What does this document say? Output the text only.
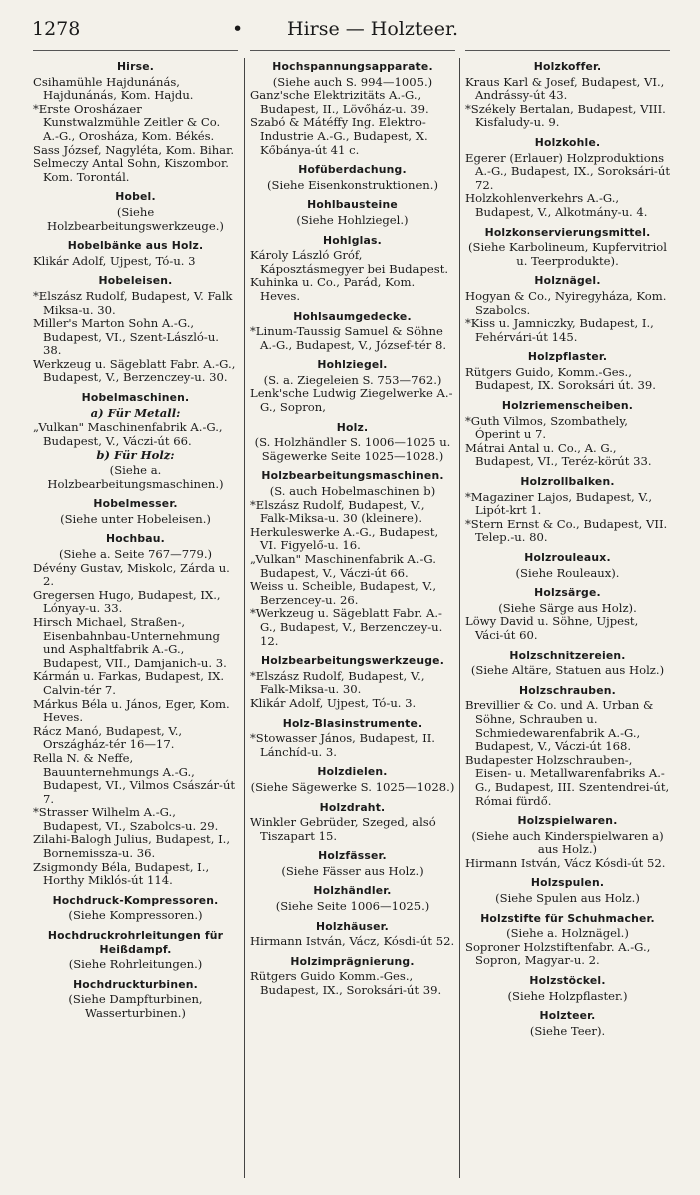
1278	• Hirse — Holzteer.
Hirse.
Csihamühle Hajdunánás, Hajdunánás, Kom. Hajdu.
*Erste Orosházaer Kunstwalzmühle Zeitler & Co. A.-G., Orosháza, Kom. Békés.
Sass József, Nagyléta, Kom. Bihar.
Selmeczy Antal Sohn, Kiszombor. Kom. Torontál.
Hobel.
(Siehe Holzbearbeitungswerkzeuge.)
Hobelbänke aus Holz.
Klikár Adolf, Ujpest, Tó-u. 3
Hobeleisen.
*Elszász Rudolf, Budapest, V. Falk Miksa-u. 30.
Miller's Marton Sohn A.-G., Budapest, VI., Szent-László-u. 38.
Werkzeug u. Sägeblatt Fabr. A.-G., Budapest, V., Berzenczey-u. 30.
Hobelmaschinen.
a) Für Metall:
„Vulkan" Maschinenfabrik A.-G., Budapest, V., Váczi-út 66.
b) Für Holz:
(Siehe a. Holzbearbeitungsmaschinen.)
Hobelmesser.
(Siehe unter Hobeleisen.)
Hochbau.
(Siehe a. Seite 767—779.)
Dévény Gustav, Miskolc, Zárda u. 2.
Gregersen Hugo, Budapest, IX., Lónyay-u. 33.
Hirsch Michael, Straßen-, Eisenbahnbau-Unternehmung und Asphaltfabrik A.-G., Budapest, VII., Damjanich-u. 3.
Kármán u. Farkas, Budapest, IX. Calvin-tér 7.
Márkus Béla u. János, Eger, Kom. Heves.
Rácz Manó, Budapest, V., Országház-tér 16—17.
Rella N. & Neffe, Bauunternehmungs A.-G., Budapest, VI., Vilmos Császár-út 7.
*Strasser Wilhelm A.-G., Budapest, VI., Szabolcs-u. 29.
Zilahi-Balogh Julius, Budapest, I., Bornemissza-u. 36.
Zsigmondy Béla, Budapest, I., Horthy Miklós-út 114.
Hochdruck-Kompressoren.
(Siehe Kompressoren.)
Hochdruckrohrleitungen für Heißdampf.
(Siehe Rohrleitungen.)
Hochdruckturbinen.
(Siehe Dampfturbinen, Wasserturbinen.)
Hochspannungsapparate.
(Siehe auch S. 994—1005.)
Ganz'sche Elektrizitäts A.-G., Budapest, II., Lövőház-u. 39.
Szabó & Mátéffy Ing. Elektro-Industrie A.-G., Budapest, X. Kőbánya-út 41 c.
Hofüberdachung.
(Siehe Eisenkonstruktionen.)
Hohlbausteine
(Siehe Hohlziegel.)
Hohlglas.
Károly László Gróf, Káposztásmegyer bei Budapest.
Kuhinka u. Co., Parád, Kom. Heves.
Hohlsaumgedecke.
*Linum-Taussig Samuel & Söhne A.-G., Budapest, V., József-tér 8.
Hohlziegel.
(S. a. Ziegeleien S. 753—762.)
Lenk'sche Ludwig Ziegelwerke A.-G., Sopron,
Holz.
(S. Holzhändler S. 1006—1025 u. Sägewerke Seite 1025—1028.)
Holzbearbeitungsmaschinen.
(S. auch Hobelmaschinen b)
*Elszász Rudolf, Budapest, V., Falk-Miksa-u. 30 (kleinere).
Herkuleswerke A.-G., Budapest, VI. Figyelő-u. 16.
„Vulkan" Maschinenfabrik A.-G. Budapest, V., Váczi-út 66.
Weiss u. Scheible, Budapest, V., Berzencey-u. 26.
*Werkzeug u. Sägeblatt Fabr. A.-G., Budapest, V., Berzenczey-u. 12.
Holzbearbeitungswerkzeuge.
*Elszász Rudolf, Budapest, V., Falk-Miksa-u. 30.
Klikár Adolf, Ujpest, Tó-u. 3.
Holz-Blasinstrumente.
*Stowasser János, Budapest, II. Lánchíd-u. 3.
Holzdielen.
(Siehe Sägewerke S. 1025—1028.)
Holzdraht.
Winkler Gebrüder, Szeged, alsó Tiszapart 15.
Holzfässer.
(Siehe Fässer aus Holz.)
Holzhändler.
(Siehe Seite 1006—1025.)
Holzhäuser.
Hirmann István, Vácz, Kósdi-út 52.
Holzimprägnierung.
Rütgers Guido Komm.-Ges., Budapest, IX., Soroksári-út 39.
Holzkoffer.
Kraus Karl & Josef, Budapest, VI., Andrássy-út 43.
*Székely Bertalan, Budapest, VIII. Kisfaludy-u. 9.
Holzkohle.
Egerer (Erlauer) Holzproduktions A.-G., Budapest, IX., Soroksári-út 72.
Holzkohlenverkehrs A.-G., Budapest, V., Alkotmány-u. 4.
Holzkonservierungsmittel.
(Siehe Karbolineum, Kupfervitriol u. Teerprodukte).
Holznägel.
Hogyan & Co., Nyiregyháza, Kom. Szabolcs.
*Kiss u. Jamniczky, Budapest, I., Fehérvári-út 145.
Holzpflaster.
Rütgers Guido, Komm.-Ges., Budapest, IX. Soroksári út. 39.
Holzriemenscheiben.
*Guth Vilmos, Szombathely, Óperint u 7.
Mátrai Antal u. Co., A. G., Budapest, VI., Teréz-körút 33.
Holzrollbalken.
*Magaziner Lajos, Budapest, V., Lipót-krt 1.
*Stern Ernst & Co., Budapest, VII. Telep.-u. 80.
Holzrouleaux.
(Siehe Rouleaux).
Holzsärge.
(Siehe Särge aus Holz).
Löwy David u. Söhne, Ujpest, Váci-út 60.
Holzschnitzereien.
(Siehe Altäre, Statuen aus Holz.)
Holzschrauben.
Brevillier & Co. und A. Urban & Söhne, Schrauben u. Schmiedewarenfabrik A.-G., Budapest, V., Váczi-út 168.
Budapester Holzschrauben-, Eisen- u. Metallwarenfabriks A.-G., Budapest, III. Szentendrei-út, Római fürdő.
Holzspielwaren.
(Siehe auch Kinderspielwaren a) aus Holz.)
Hirmann István, Vácz Kósdi-út 52.
Holzspulen.
(Siehe Spulen aus Holz.)
Holzstifte für Schuhmacher.
(Siehe a. Holznägel.)
Soproner Holzstiftenfabr. A.-G., Sopron, Magyar-u. 2.
Holzstöckel.
(Siehe Holzpflaster.)
Holzteer.
(Siehe Teer).
